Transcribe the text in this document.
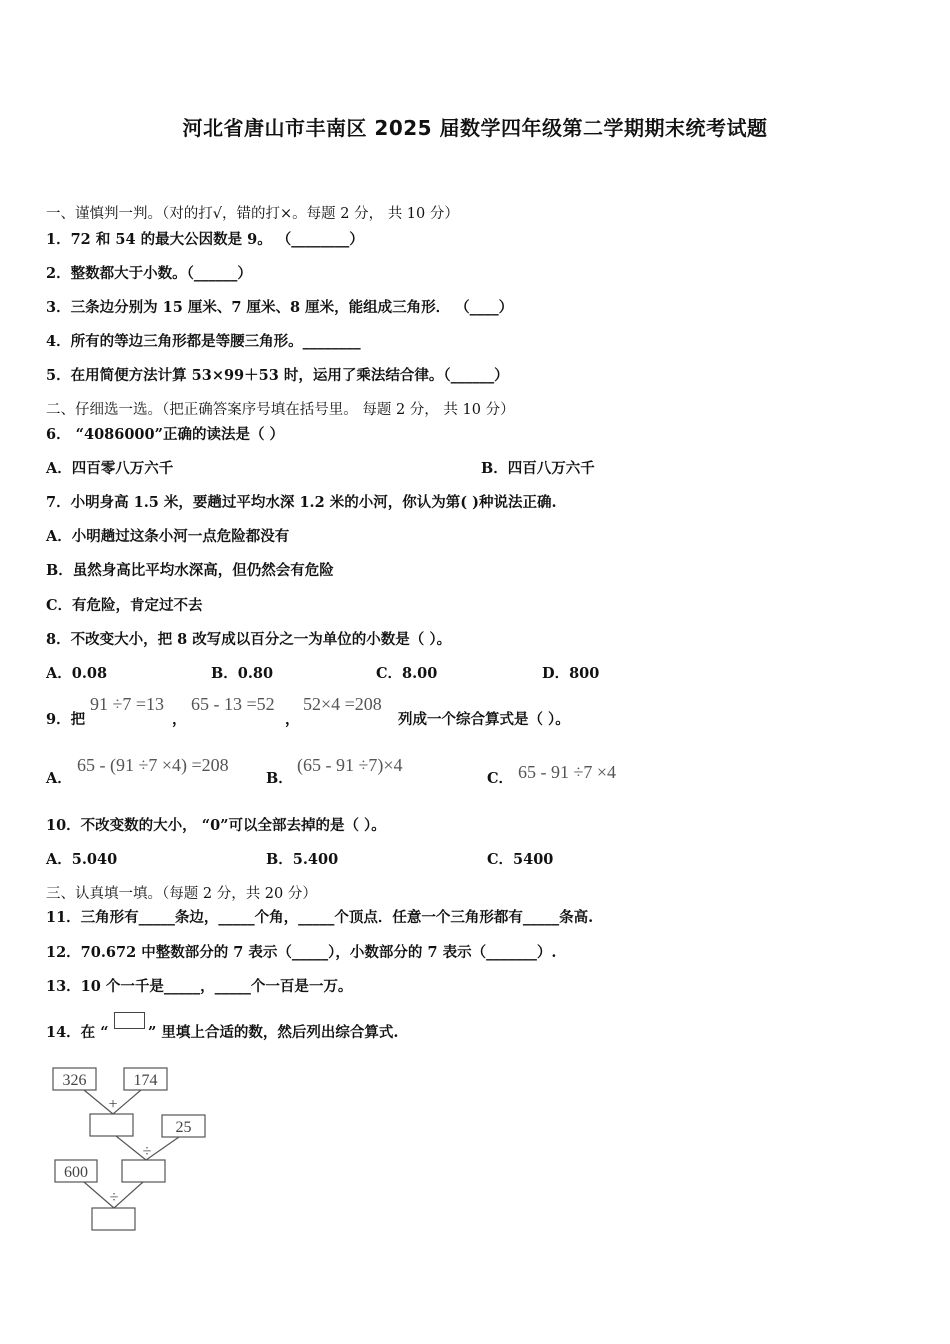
河北省唐山市丰南区 2025 届数学四年级第二学期期末统考试题
一、谨慎判一判。（对的打√，错的打×。每题 2 分， 共 10 分）
1．72 和 54 的最大公因数是 9。 （________）
2．整数都大于小数。（______）
3．三条边分别为 15 厘米、7 厘米、8 厘米，能组成三角形． （____）
4．所有的等边三角形都是等腰三角形。________
5．在用简便方法计算 53×99＋53 时，运用了乘法结合律。（______）
二、仔细选一选。（把正确答案序号填在括号里。 每题 2 分， 共 10 分）
6． “4086000”正确的读法是（ ）
A．四百零八万六千	B．四百八万六千
7．小明身高 1.5 米，要趟过平均水深 1.2 米的小河，你认为第( )种说法正确.
A．小明趟过这条小河一点危险都没有
B．虽然身高比平均水深高，但仍然会有危险
C．有危险，肯定过不去
8．不改变大小，把 8 改写成以百分之一为单位的小数是（ ）。
A．0.08	B．0.80	C．8.00	D．800
9．把
91 ÷7 =13
，
65 - 13 =52
，
52×4 =208
列成一个综合算式是（ ）。
A．
65 - (91 ÷7 ×4) =208
B．
(65 - 91 ÷7)×4
C． 65 - 91 ÷7 ×4
10．不改变数的大小， “0”可以全部去掉的是（ ）。
A．5.040	B．5.400	C．5400
三、认真填一填。（每题 2 分，共 20 分）
11．三角形有_____条边，_____个角，_____个顶点．任意一个三角形都有_____条高.
12．70.672 中整数部分的 7 表示（_____），小数部分的 7 表示（_______）.
13．10 个一千是_____，_____个一百是一万。
14．在 “	” 里填上合适的数，然后列出综合算式.
326	174
+
25
÷
600
÷
